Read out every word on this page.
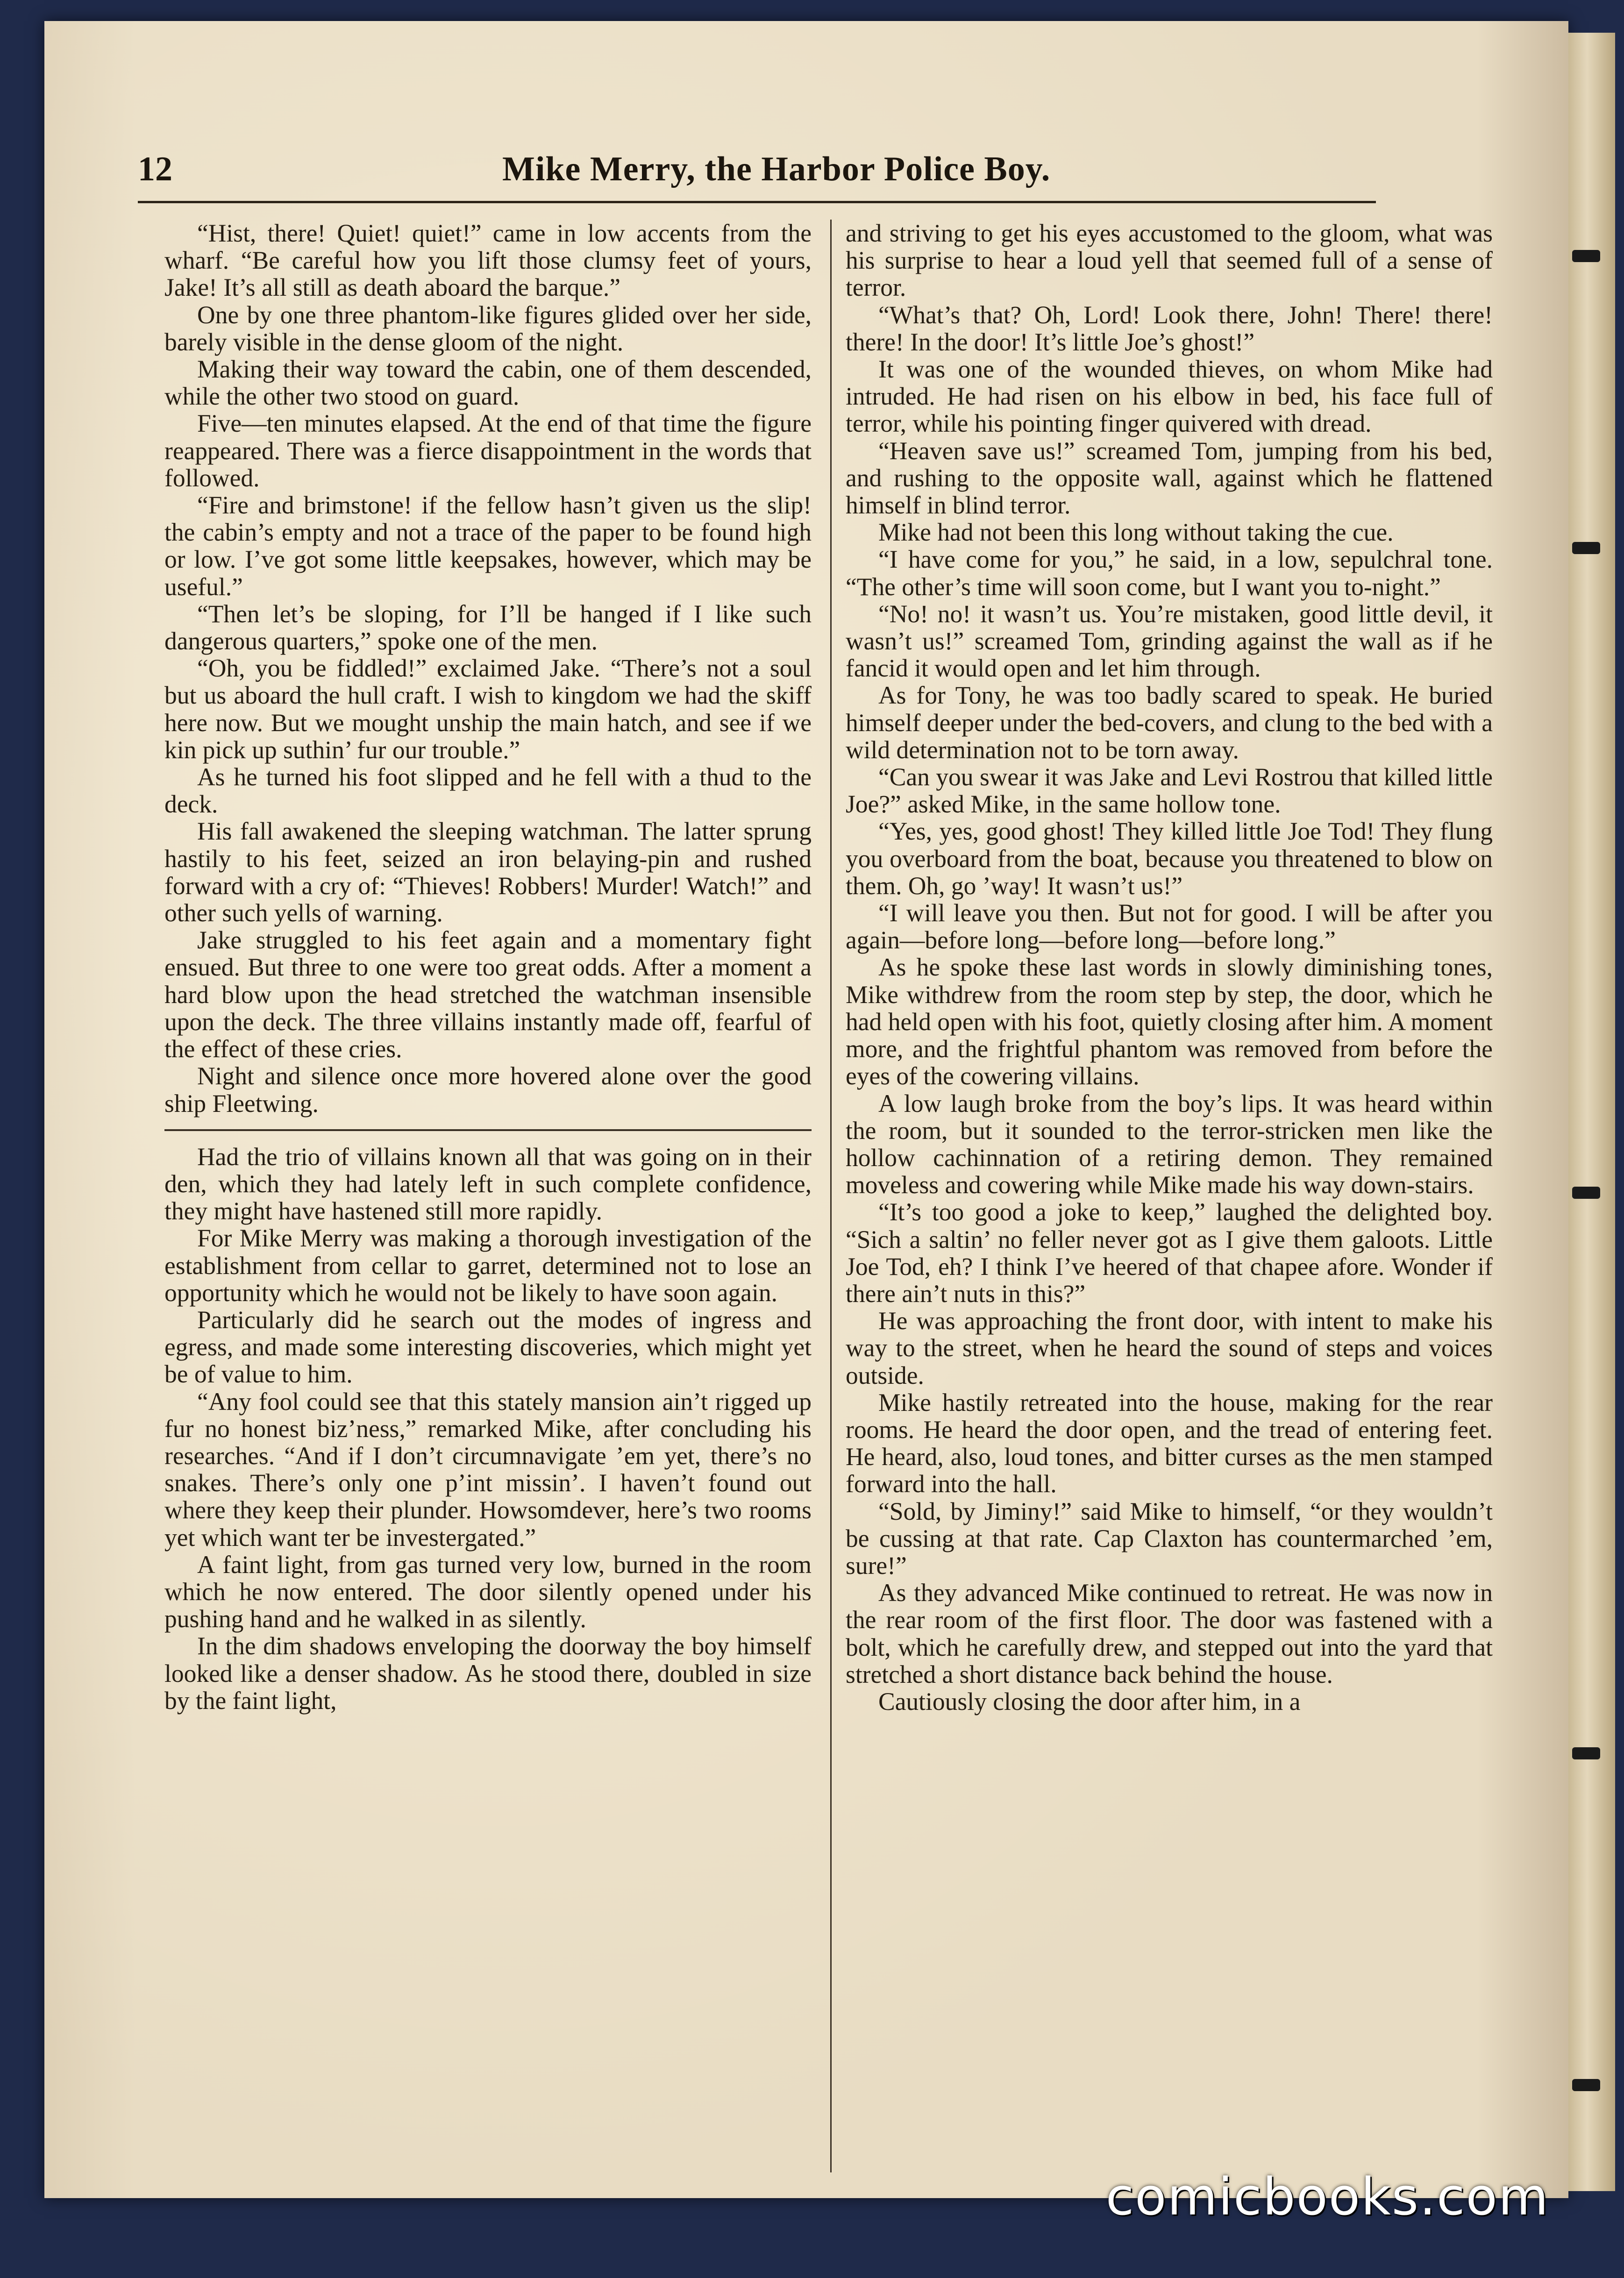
12	Mike Merry, the Harbor Police Boy.

“Hist, there! Quiet! quiet!” came in low accents from the wharf. “Be careful how you lift those clumsy feet of yours, Jake! It’s all still as death aboard the barque.”

One by one three phantom-like figures glided over her side, barely visible in the dense gloom of the night.

Making their way toward the cabin, one of them descended, while the other two stood on guard.

Five—ten minutes elapsed. At the end of that time the figure reappeared. There was a fierce disappointment in the words that followed.

“Fire and brimstone! if the fellow hasn’t given us the slip! the cabin’s empty and not a trace of the paper to be found high or low. I’ve got some little keepsakes, however, which may be useful.”

“Then let’s be sloping, for I’ll be hanged if I like such dangerous quarters,” spoke one of the men.

“Oh, you be fiddled!” exclaimed Jake. “There’s not a soul but us aboard the hull craft. I wish to kingdom we had the skiff here now. But we mought unship the main hatch, and see if we kin pick up suthin’ fur our trouble.”

As he turned his foot slipped and he fell with a thud to the deck.

His fall awakened the sleeping watchman. The latter sprung hastily to his feet, seized an iron belaying-pin and rushed forward with a cry of: “Thieves! Robbers! Murder! Watch!” and other such yells of warning.

Jake struggled to his feet again and a momentary fight ensued. But three to one were too great odds. After a moment a hard blow upon the head stretched the watchman insensible upon the deck. The three villains instantly made off, fearful of the effect of these cries.

Night and silence once more hovered alone over the good ship Fleetwing.

Had the trio of villains known all that was going on in their den, which they had lately left in such complete confidence, they might have hastened still more rapidly.

For Mike Merry was making a thorough investigation of the establishment from cellar to garret, determined not to lose an opportunity which he would not be likely to have soon again.

Particularly did he search out the modes of ingress and egress, and made some interesting discoveries, which might yet be of value to him.

“Any fool could see that this stately mansion ain’t rigged up fur no honest biz’ness,” remarked Mike, after concluding his researches. “And if I don’t circumnavigate ’em yet, there’s no snakes. There’s only one p’int missin’. I haven’t found out where they keep their plunder. Howsomdever, here’s two rooms yet which want ter be investergated.”

A faint light, from gas turned very low, burned in the room which he now entered. The door silently opened under his pushing hand and he walked in as silently.

In the dim shadows enveloping the doorway the boy himself looked like a denser shadow. As he stood there, doubled in size by the faint light,

and striving to get his eyes accustomed to the gloom, what was his surprise to hear a loud yell that seemed full of a sense of terror.

“What’s that? Oh, Lord! Look there, John! There! there! there! In the door! It’s little Joe’s ghost!”

It was one of the wounded thieves, on whom Mike had intruded. He had risen on his elbow in bed, his face full of terror, while his pointing finger quivered with dread.

“Heaven save us!” screamed Tom, jumping from his bed, and rushing to the opposite wall, against which he flattened himself in blind terror.

Mike had not been this long without taking the cue.

“I have come for you,” he said, in a low, sepulchral tone. “The other’s time will soon come, but I want you to-night.”

“No! no! it wasn’t us. You’re mistaken, good little devil, it wasn’t us!” screamed Tom, grinding against the wall as if he fancid it would open and let him through.

As for Tony, he was too badly scared to speak. He buried himself deeper under the bed-covers, and clung to the bed with a wild determination not to be torn away.

“Can you swear it was Jake and Levi Rostrou that killed little Joe?” asked Mike, in the same hollow tone.

“Yes, yes, good ghost! They killed little Joe Tod! They flung you overboard from the boat, because you threatened to blow on them. Oh, go ’way! It wasn’t us!”

“I will leave you then. But not for good. I will be after you again—before long—before long—before long.”

As he spoke these last words in slowly diminishing tones, Mike withdrew from the room step by step, the door, which he had held open with his foot, quietly closing after him. A moment more, and the frightful phantom was removed from before the eyes of the cowering villains.

A low laugh broke from the boy’s lips. It was heard within the room, but it sounded to the terror-stricken men like the hollow cachinnation of a retiring demon. They remained moveless and cowering while Mike made his way down-stairs.

“It’s too good a joke to keep,” laughed the delighted boy. “Sich a saltin’ no feller never got as I give them galoots. Little Joe Tod, eh? I think I’ve heered of that chapee afore. Wonder if there ain’t nuts in this?”

He was approaching the front door, with intent to make his way to the street, when he heard the sound of steps and voices outside.

Mike hastily retreated into the house, making for the rear rooms. He heard the door open, and the tread of entering feet. He heard, also, loud tones, and bitter curses as the men stamped forward into the hall.

“Sold, by Jiminy!” said Mike to himself, “or they wouldn’t be cussing at that rate. Cap Claxton has countermarched ’em, sure!”

As they advanced Mike continued to retreat. He was now in the rear room of the first floor. The door was fastened with a bolt, which he carefully drew, and stepped out into the yard that stretched a short distance back behind the house.

Cautiously closing the door after him, in a

comicbooks.com
